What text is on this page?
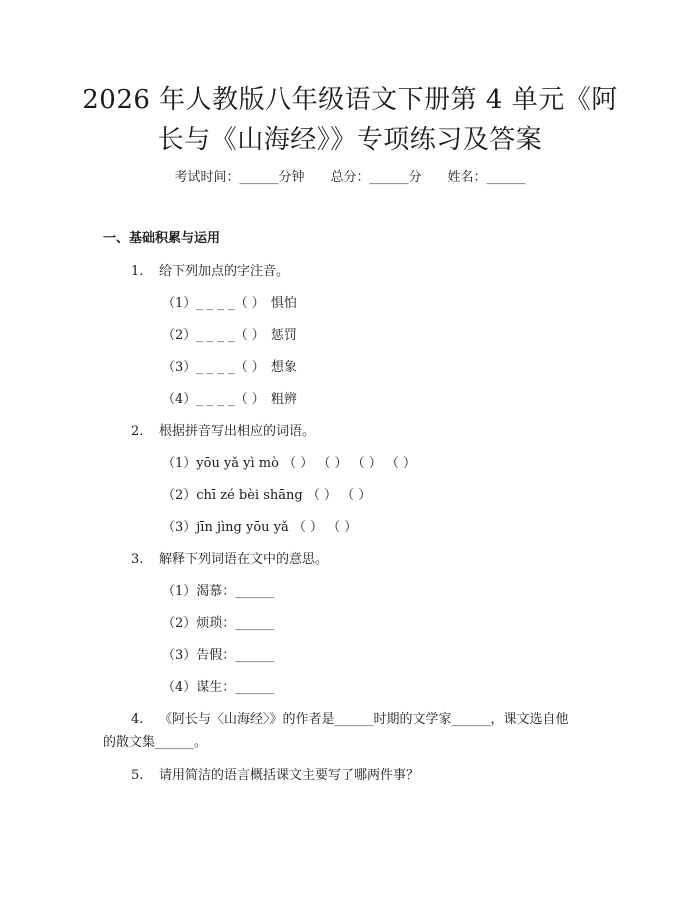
2026 年人教版八年级语文下册第 4 单元《阿
长与《山海经》》专项练习及答案
考试时间：______分钟 总分：______分 姓名：______
一、基础积累与运用
1. 给下列加点的字注音。
（1）_ _ _ _（ ） 惧怕
（2）_ _ _ _（ ） 惩罚
（3）_ _ _ _（ ） 想象
（4）_ _ _ _（ ） 粗辨
2. 根据拼音写出相应的词语。
（1）yōu yǎ yì mò （ ） （ ） （ ） （ ）
（2）chī zé bèi shāng （ ） （ ）
（3）jīn jìng yōu yǎ （ ） （ ）
3. 解释下列词语在文中的意思。
（1）渴慕：______
（2）烦琐：______
（3）告假：______
（4）谋生：______
4. 《阿长与〈山海经〉》的作者是______时期的文学家______，课文选自他
的散文集______。
5. 请用简洁的语言概括课文主要写了哪两件事？
